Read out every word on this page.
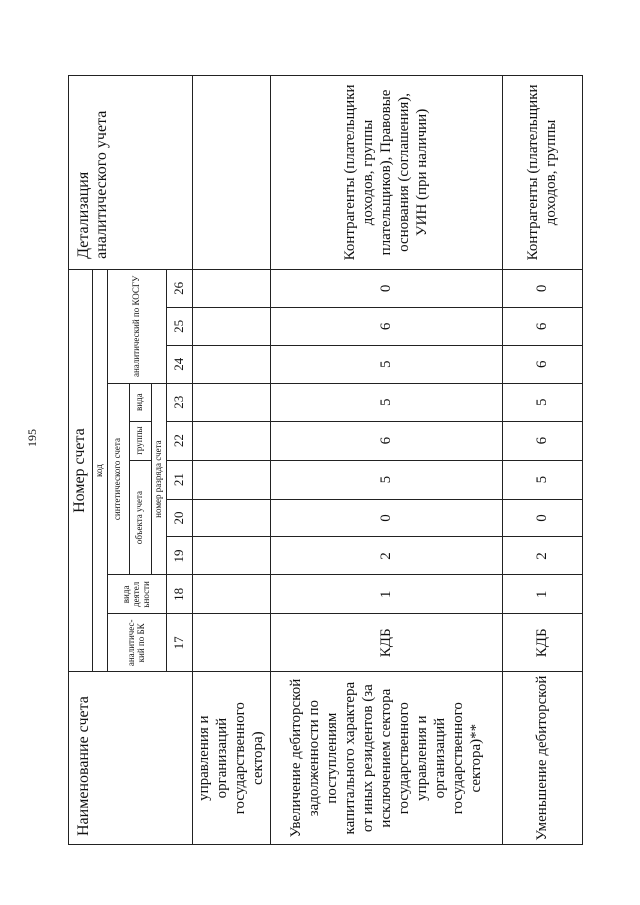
195
Наименование счета	Номер счета										Детализация аналитического учета
	код										
	аналитический по БК	вида деятел ьности	синтетического счета					аналитический по КОСГУ			
			объекта учета			группы	вида				
			номер разряда счета								
	17	18	19	20	21	22	23	24	25	26	
управления и организаций государственного сектора)											
Увеличение дебиторской задолженности по поступлениям капитального характера от иных резидентов (за исключением сектора государственного управления и организаций государственного сектора)**	КДБ	1	2	0	5	6	5	5	6	0	Контрагенты (плательщики доходов, группы плательщиков), Правовые основания (соглашения), УИН (при наличии)
Уменьшение дебиторской	КДБ	1	2	0	5	6	5	6	6	0	Контрагенты (плательщики доходов, группы
